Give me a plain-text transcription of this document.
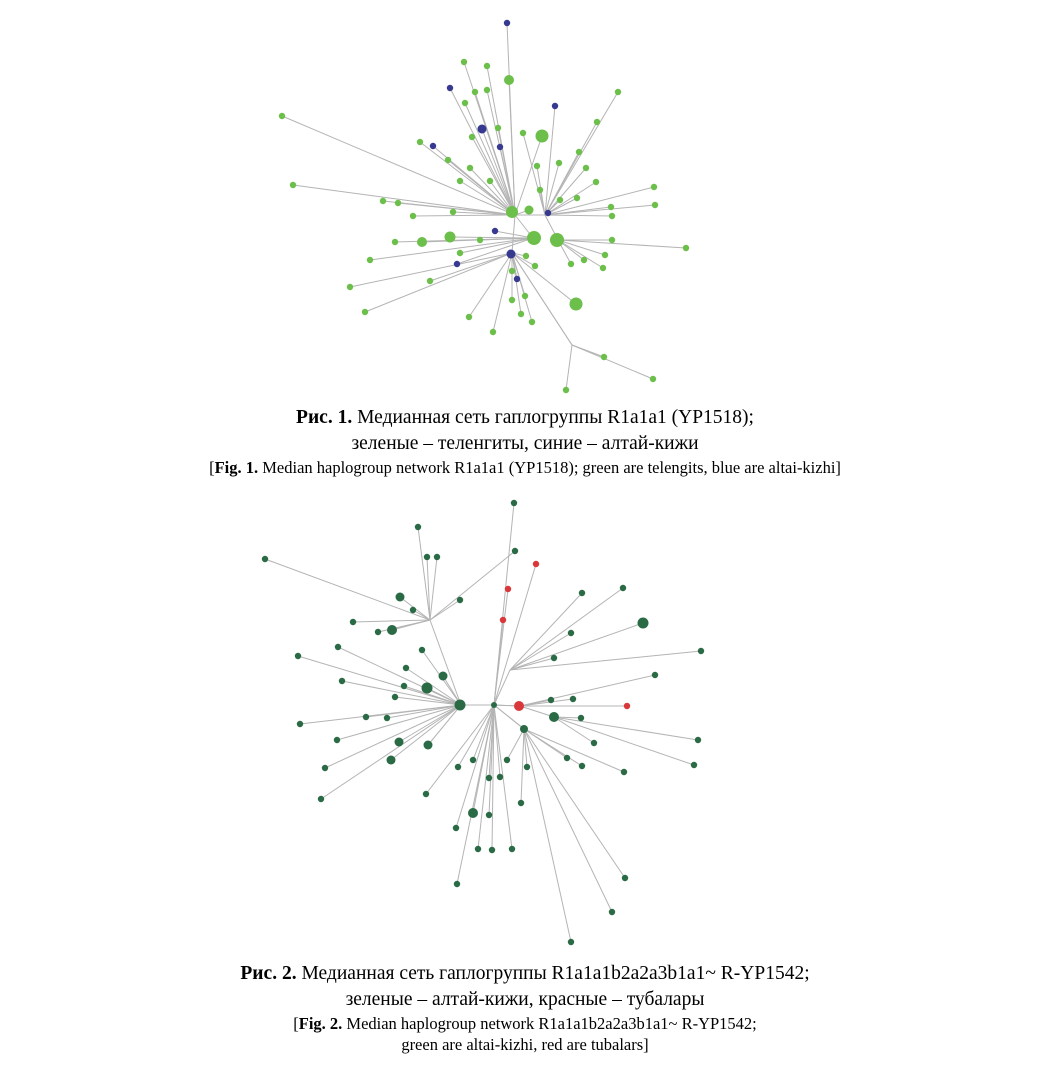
Рис. 1. Медианная сеть гаплогруппы R1a1a1 (YP1518);
зеленые – теленгиты, синие – алтай-кижи
[Fig. 1. Median haplogroup network R1a1a1 (YP1518); green are telengits, blue are altai-kizhi]
Рис. 2. Медианная сеть гаплогруппы R1a1a1b2a2a3b1a1~ R-YP1542;
зеленые – алтай-кижи, красные – тубалары
[Fig. 2. Median haplogroup network R1a1a1b2a2a3b1a1~ R-YP1542;
green are altai-kizhi, red are tubalars]
